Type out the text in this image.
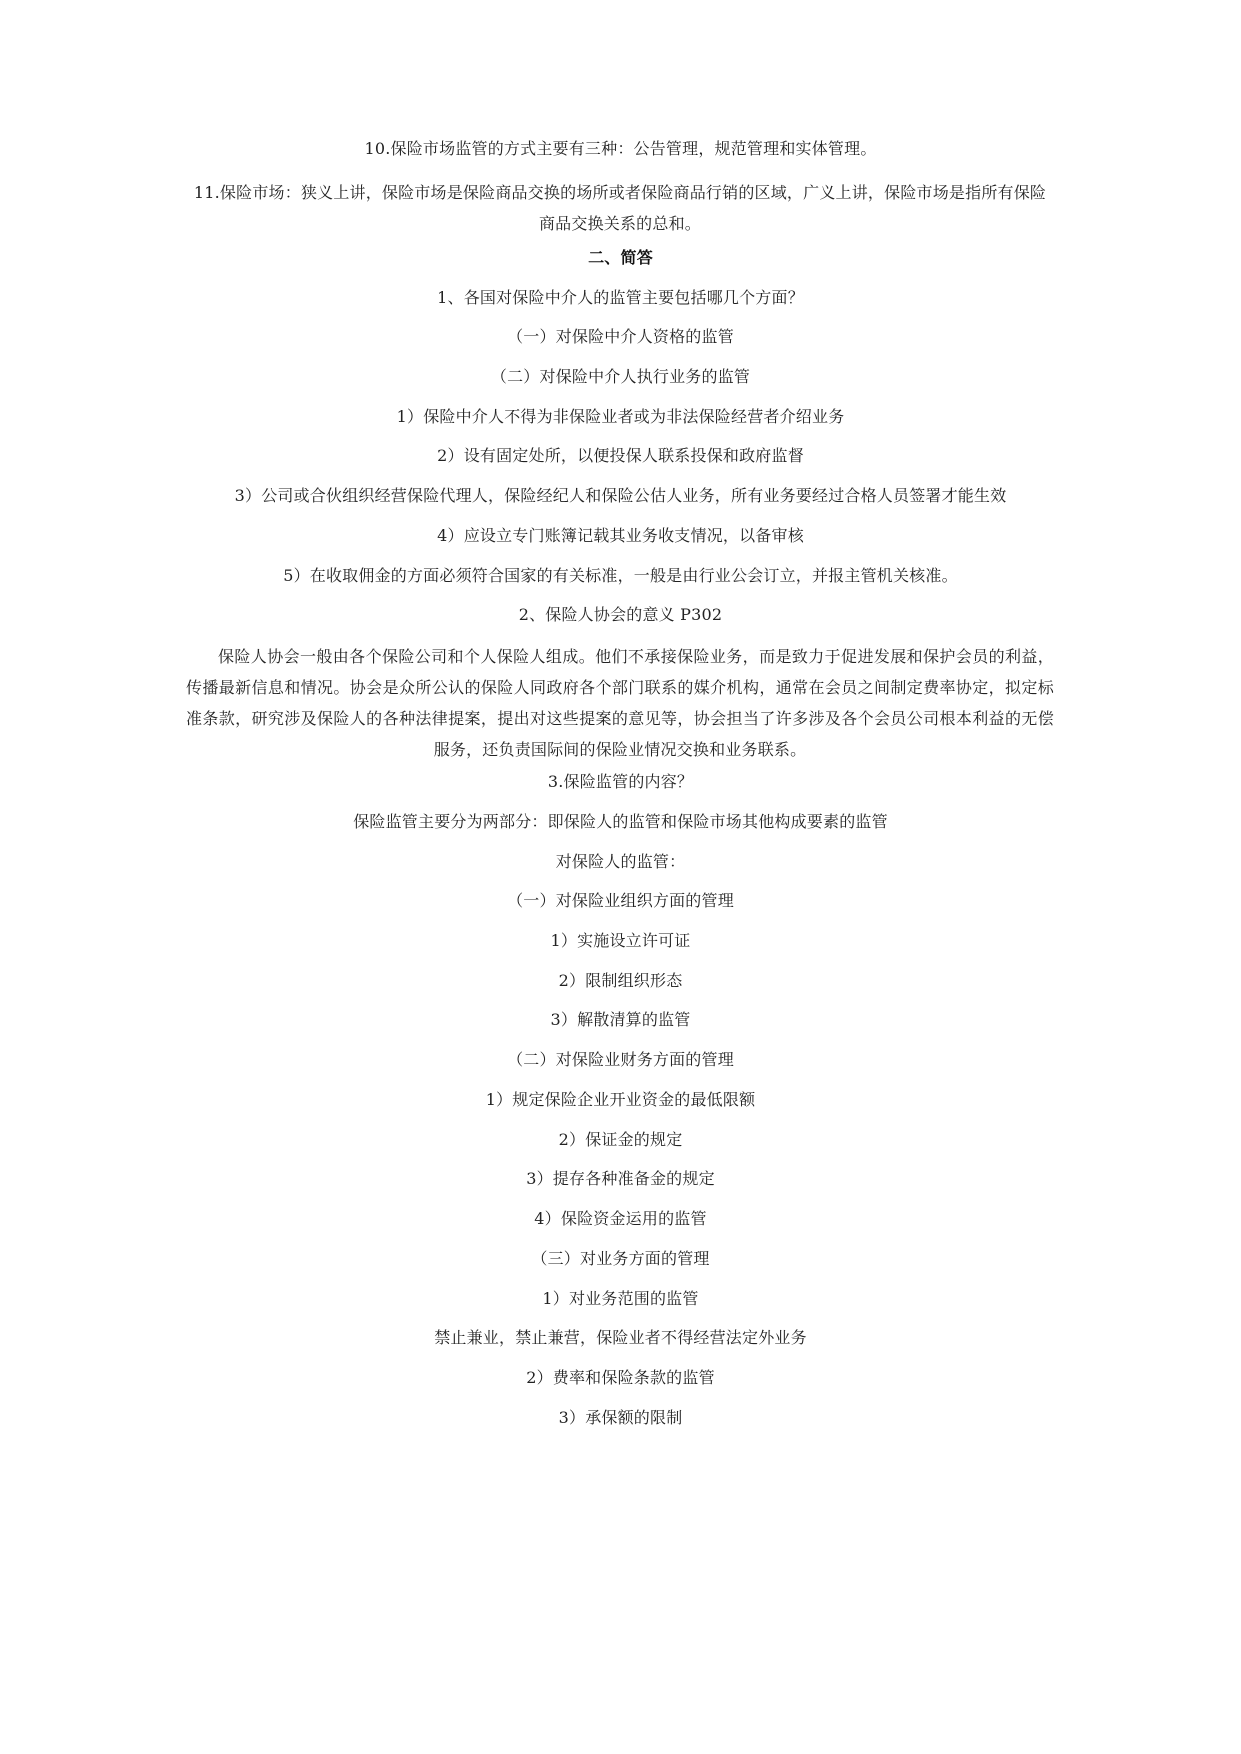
10.保险市场监管的方式主要有三种：公告管理，规范管理和实体管理。
11.保险市场：狭义上讲，保险市场是保险商品交换的场所或者保险商品行销的区域，广义上讲，保险市场是指所有保险商品交换关系的总和。
二、简答
1、各国对保险中介人的监管主要包括哪几个方面？
（一）对保险中介人资格的监管
（二）对保险中介人执行业务的监管
1）保险中介人不得为非保险业者或为非法保险经营者介绍业务
2）设有固定处所，以便投保人联系投保和政府监督
3）公司或合伙组织经营保险代理人，保险经纪人和保险公估人业务，所有业务要经过合格人员签署才能生效
4）应设立专门账簿记载其业务收支情况，以备审核
5）在收取佣金的方面必须符合国家的有关标准，一般是由行业公会订立，并报主管机关核准。
2、保险人协会的意义 P302
保险人协会一般由各个保险公司和个人保险人组成。他们不承接保险业务，而是致力于促进发展和保护会员的利益，传播最新信息和情况。协会是众所公认的保险人同政府各个部门联系的媒介机构，通常在会员之间制定费率协定，拟定标准条款，研究涉及保险人的各种法律提案，提出对这些提案的意见等，协会担当了许多涉及各个会员公司根本利益的无偿服务，还负责国际间的保险业情况交换和业务联系。
3.保险监管的内容？
保险监管主要分为两部分：即保险人的监管和保险市场其他构成要素的监管
对保险人的监管：
（一）对保险业组织方面的管理
1）实施设立许可证
2）限制组织形态
3）解散清算的监管
（二）对保险业财务方面的管理
1）规定保险企业开业资金的最低限额
2）保证金的规定
3）提存各种准备金的规定
4）保险资金运用的监管
（三）对业务方面的管理
1）对业务范围的监管
禁止兼业，禁止兼营，保险业者不得经营法定外业务
2）费率和保险条款的监管
3）承保额的限制
